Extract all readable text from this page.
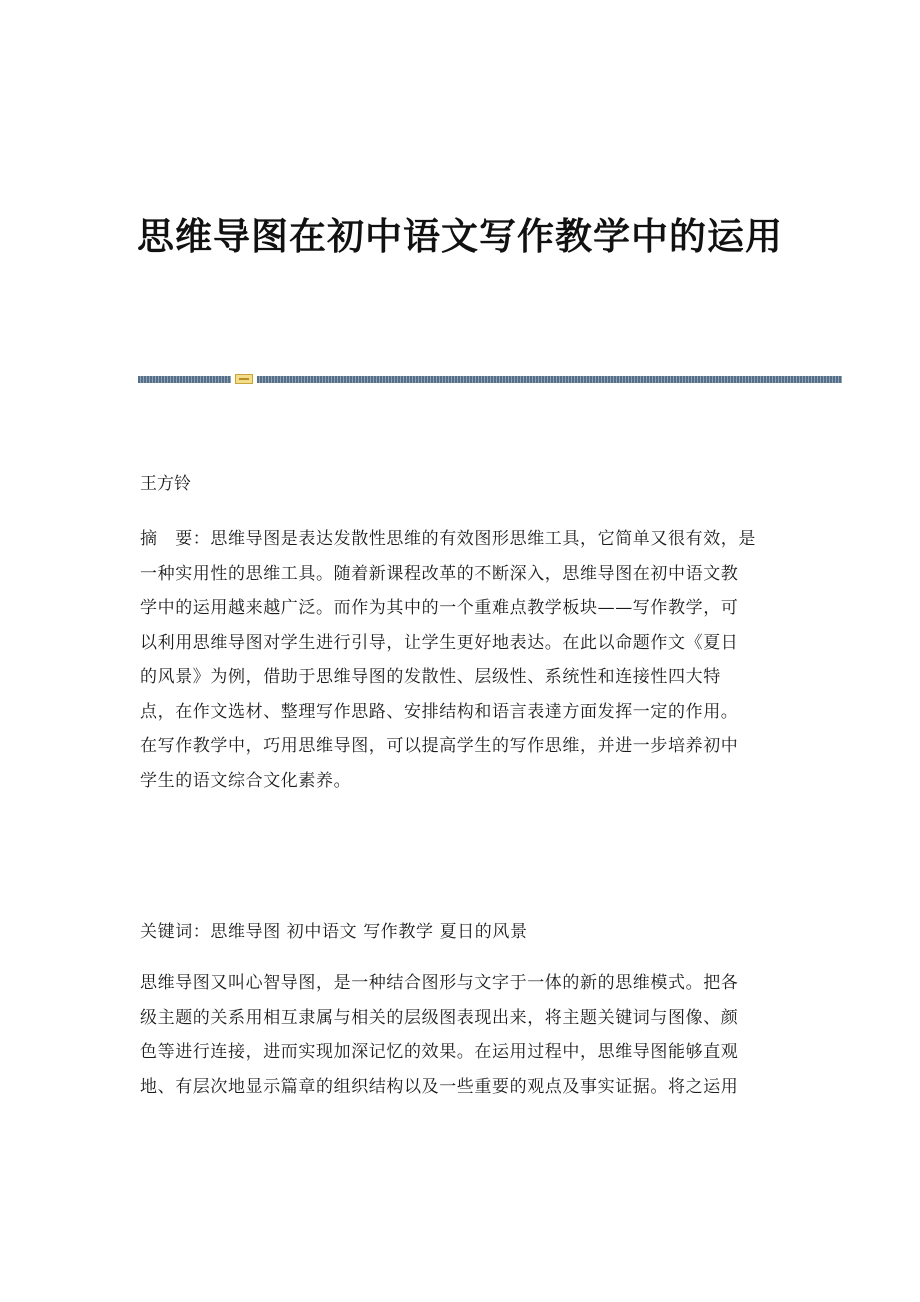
思维导图在初中语文写作教学中的运用
王方铃
摘　要：思维导图是表达发散性思维的有效图形思维工具，它简单又很有效，是
一种实用性的思维工具。随着新课程改革的不断深入，思维导图在初中语文教
学中的运用越来越广泛。而作为其中的一个重难点教学板块——写作教学，可
以利用思维导图对学生进行引导，让学生更好地表达。在此以命题作文《夏日
的风景》为例，借助于思维导图的发散性、层级性、系统性和连接性四大特
点，在作文选材、整理写作思路、安排结构和语言表達方面发挥一定的作用。
在写作教学中，巧用思维导图，可以提高学生的写作思维，并进一步培养初中
学生的语文综合文化素养。
关键词：思维导图 初中语文 写作教学 夏日的风景
思维导图又叫心智导图，是一种结合图形与文字于一体的新的思维模式。把各
级主题的关系用相互隶属与相关的层级图表现出来，将主题关键词与图像、颜
色等进行连接，进而实现加深记忆的效果。在运用过程中，思维导图能够直观
地、有层次地显示篇章的组织结构以及一些重要的观点及事实证据。将之运用
